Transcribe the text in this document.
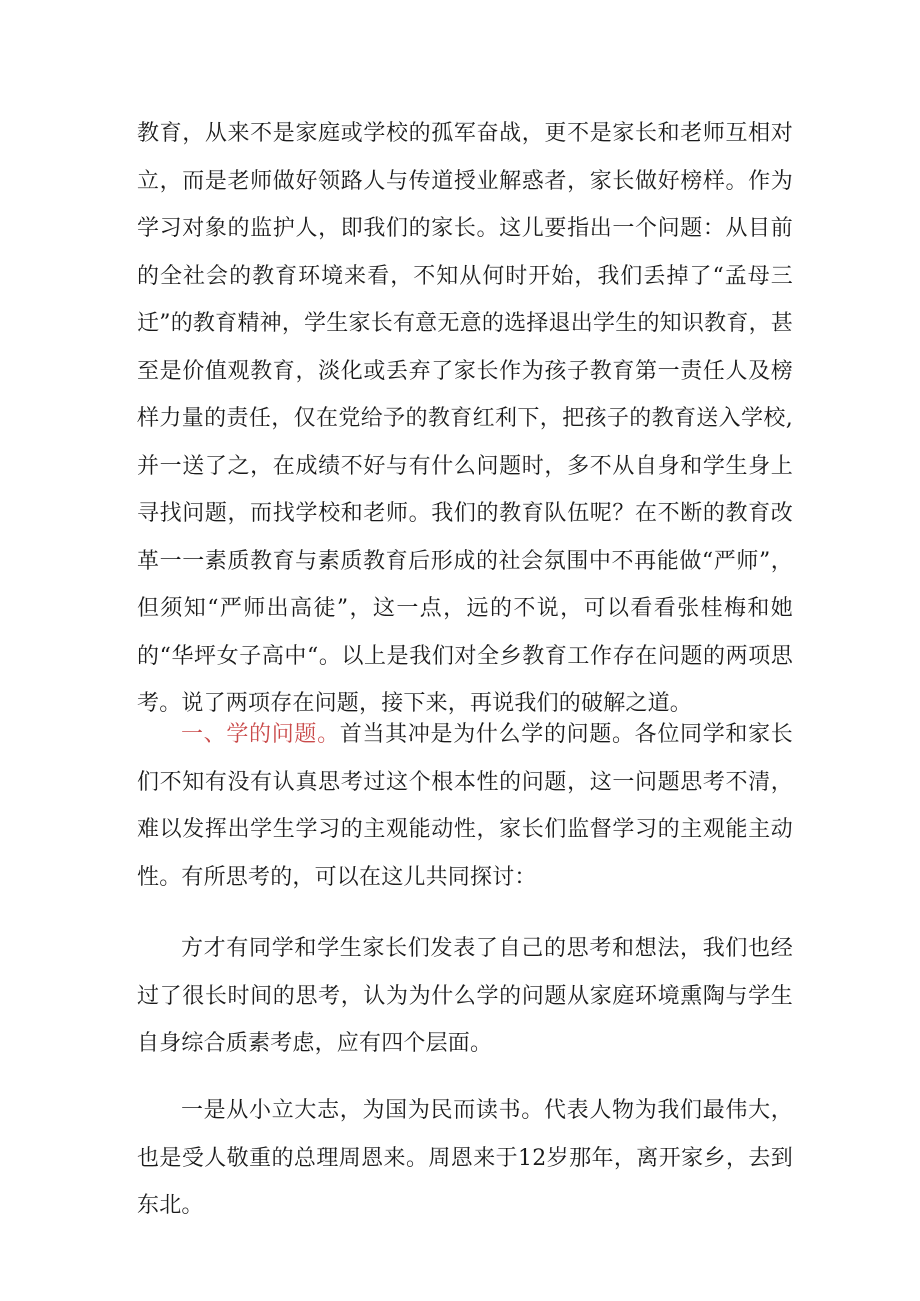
教育，从来不是家庭或学校的孤军奋战，更不是家长和老师互相对立，而是老师做好领路人与传道授业解惑者，家长做好榜样。作为学习对象的监护人，即我们的家长。这儿要指出一个问题：从目前的全社会的教育环境来看，不知从何时开始，我们丢掉了“孟母三迁”的教育精神，学生家长有意无意的选择退出学生的知识教育，甚至是价值观教育，淡化或丢弃了家长作为孩子教育第一责任人及榜样力量的责任，仅在党给予的教育红利下，把孩子的教育送入学校,并一送了之，在成绩不好与有什么问题时，多不从自身和学生身上寻找问题，而找学校和老师。我们的教育队伍呢？在不断的教育改革一一素质教育与素质教育后形成的社会氛围中不再能做“严师”，但须知“严师出高徒”，这一点，远的不说，可以看看张桂梅和她的“华坪女子高中“。以上是我们对全乡教育工作存在问题的两项思考。说了两项存在问题，接下来，再说我们的破解之道。

一、学的问题。首当其冲是为什么学的问题。各位同学和家长们不知有没有认真思考过这个根本性的问题，这一问题思考不清，难以发挥出学生学习的主观能动性，家长们监督学习的主观能主动性。有所思考的，可以在这儿共同探讨：

方才有同学和学生家长们发表了自己的思考和想法，我们也经过了很长时间的思考，认为为什么学的问题从家庭环境熏陶与学生自身综合质素考虑，应有四个层面。

一是从小立大志，为国为民而读书。代表人物为我们最伟大，也是受人敬重的总理周恩来。周恩来于12岁那年，离开家乡，去到东北。
